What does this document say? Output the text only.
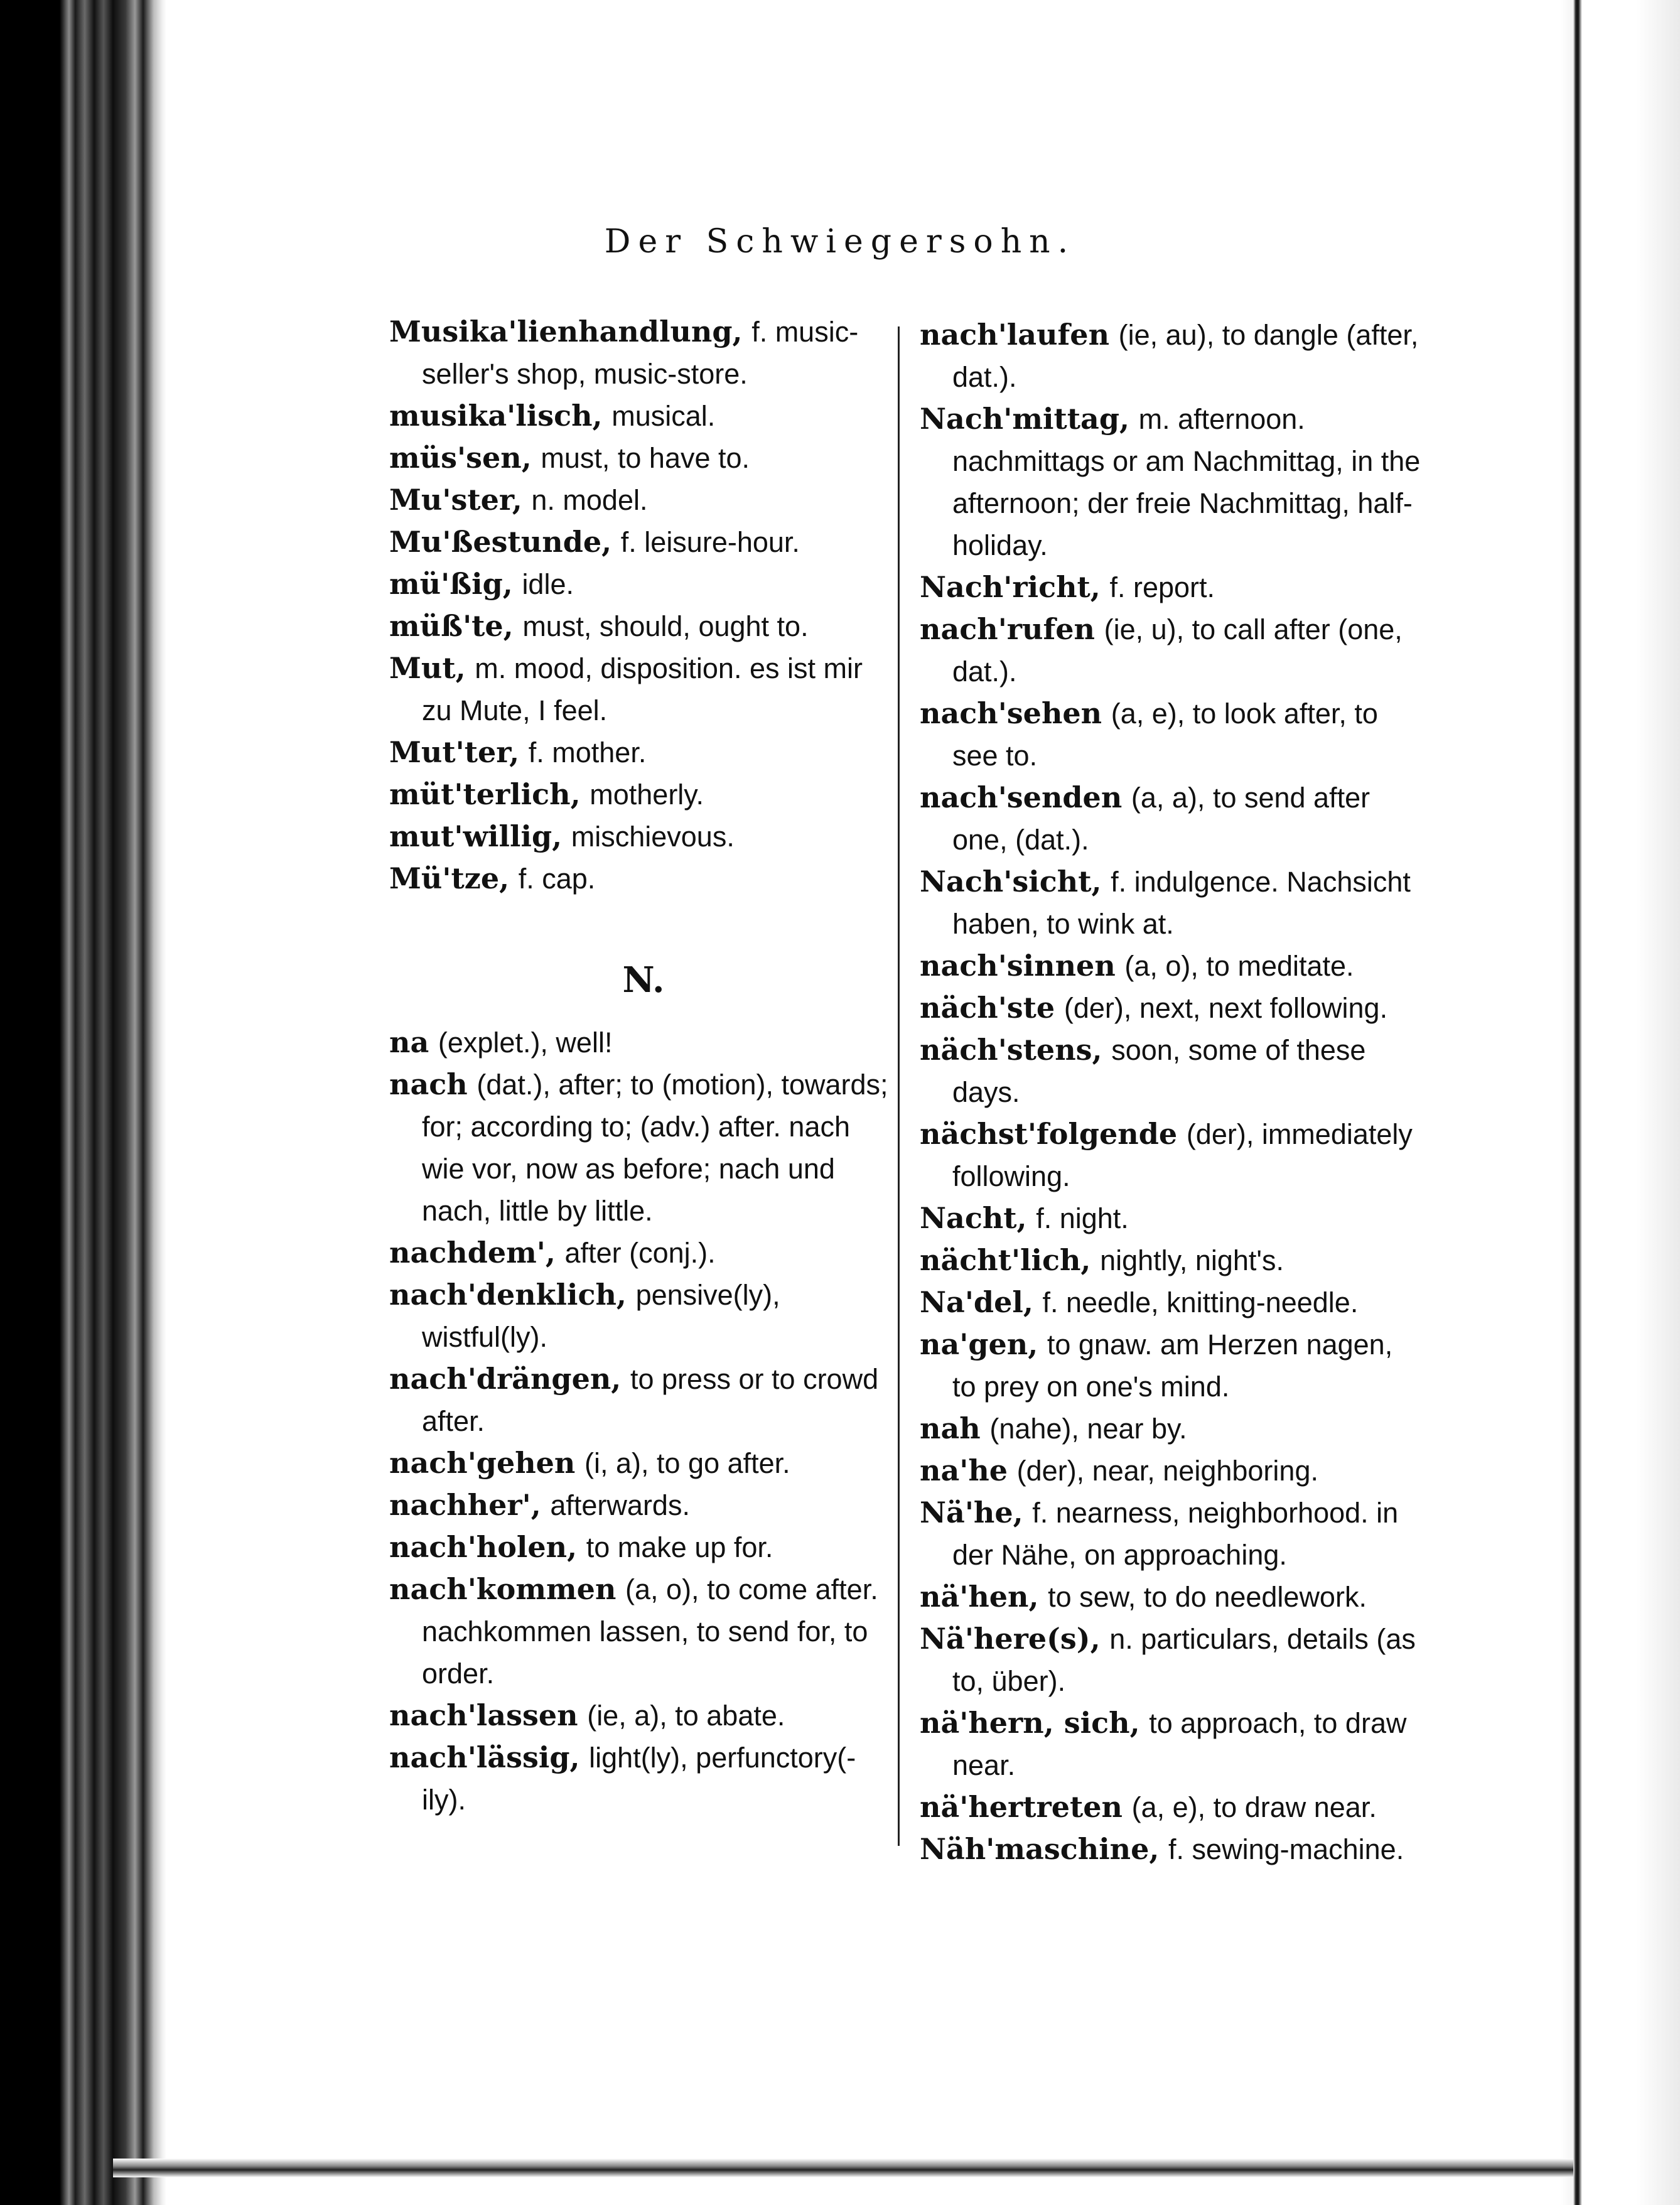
Der Schwiegersohn.

Musika'lienhandlung, f. music-seller's shop, music-store.

musika'lisch, musical.

müs'sen, must, to have to.

Mu'ster, n. model.

Mu'ßestunde, f. leisure-hour.

mü'ßig, idle.

müß'te, must, should, ought to.

Mut, m. mood, disposition. es ist mir zu Mute, I feel.

Mut'ter, f. mother.

müt'terlich, motherly.

mut'willig, mischievous.

Mü'tze, f. cap.

N.

na (explet.), well!

nach (dat.), after; to (motion), towards; for; according to; (adv.) after. nach wie vor, now as before; nach und nach, little by little.

nachdem', after (conj.).

nach'denklich, pensive(ly), wistful(ly).

nach'drängen, to press or to crowd after.

nach'gehen (i, a), to go after.

nachher', afterwards.

nach'holen, to make up for.

nach'kommen (a, o), to come after. nachkommen lassen, to send for, to order.

nach'lassen (ie, a), to abate.

nach'lässig, light(ly), perfunctory(-ily).

nach'laufen (ie, au), to dangle (after, dat.).

Nach'mittag, m. afternoon. nachmittags or am Nachmittag, in the afternoon; der freie Nachmittag, half-holiday.

Nach'richt, f. report.

nach'rufen (ie, u), to call after (one, dat.).

nach'sehen (a, e), to look after, to see to.

nach'senden (a, a), to send after one, (dat.).

Nach'sicht, f. indulgence. Nachsicht haben, to wink at.

nach'sinnen (a, o), to meditate.

näch'ste (der), next, next following.

näch'stens, soon, some of these days.

nächst'folgende (der), immediately following.

Nacht, f. night.

nächt'lich, nightly, night's.

Na'del, f. needle, knitting-needle.

na'gen, to gnaw. am Herzen nagen, to prey on one's mind.

nah (nahe), near by.

na'he (der), near, neighboring.

Nä'he, f. nearness, neighborhood. in der Nähe, on approaching.

nä'hen, to sew, to do needlework.

Nä'here(s), n. particulars, details (as to, über).

nä'hern, sich, to approach, to draw near.

nä'hertreten (a, e), to draw near.

Näh'maschine, f. sewing-machine.
